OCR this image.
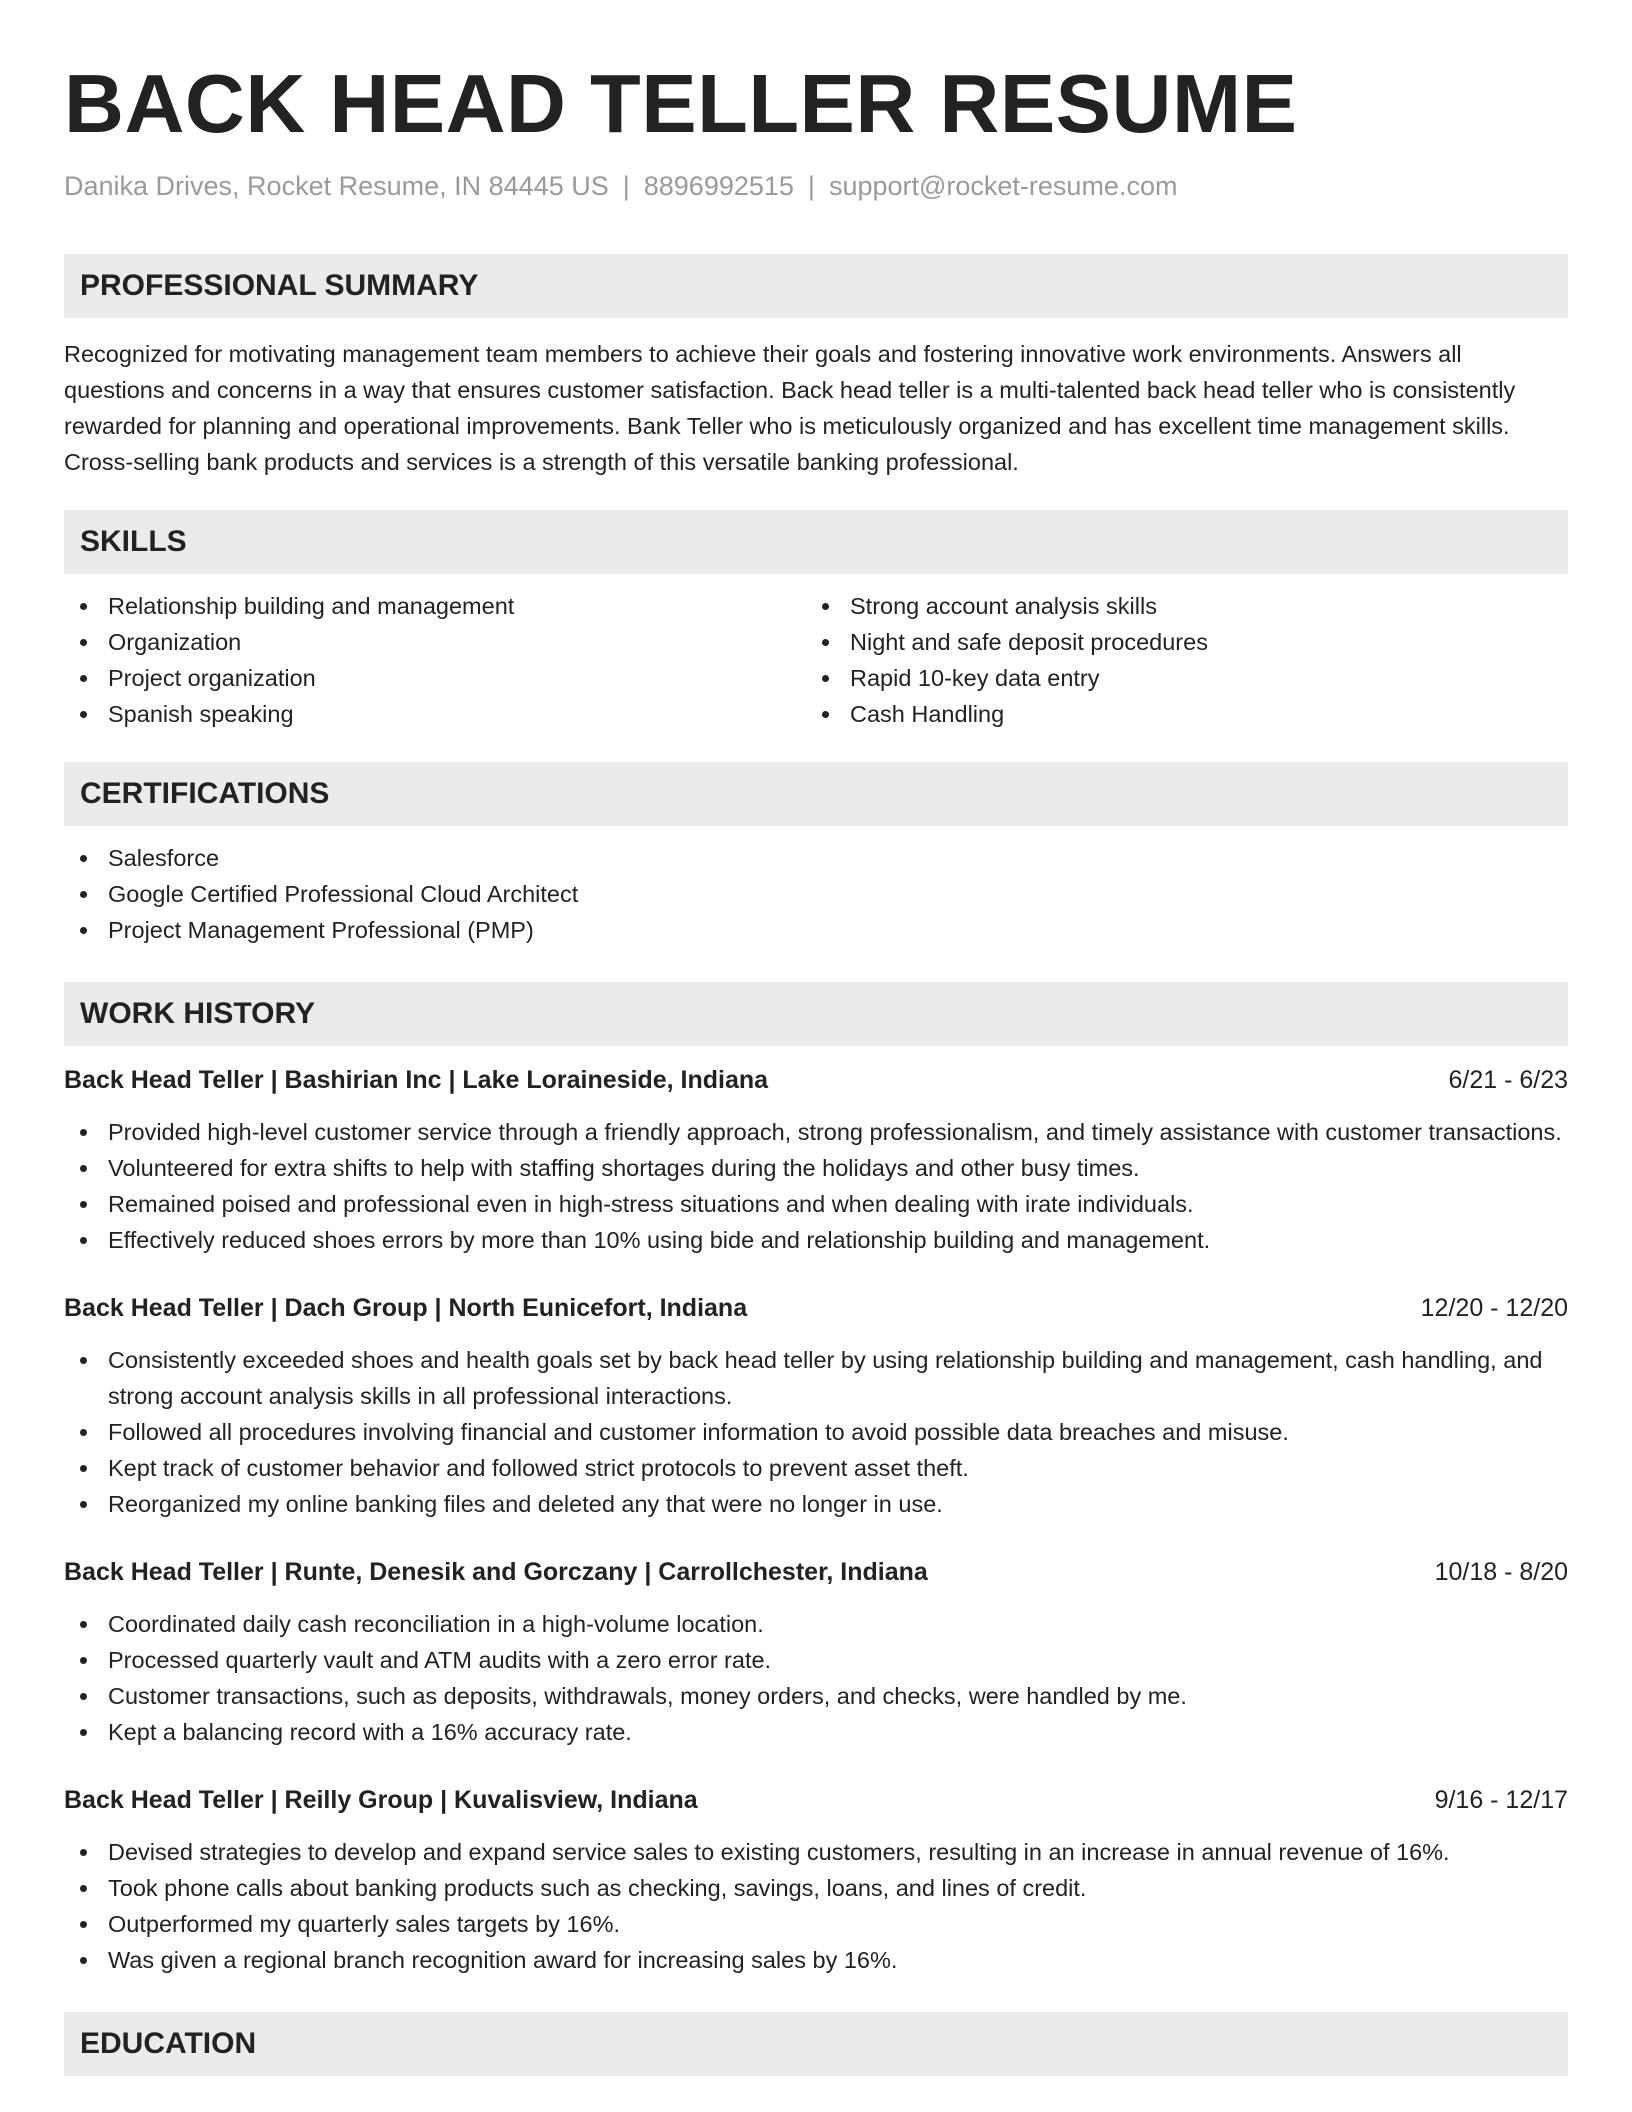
BACK HEAD TELLER RESUME
Danika Drives, Rocket Resume, IN 84445 US | 8896992515 | support@rocket-resume.com
PROFESSIONAL SUMMARY

Recognized for motivating management team members to achieve their goals and fostering innovative work environments. Answers all questions and concerns in a way that ensures customer satisfaction. Back head teller is a multi-talented back head teller who is consistently rewarded for planning and operational improvements. Bank Teller who is meticulously organized and has excellent time management skills. Cross-selling bank products and services is a strength of this versatile banking professional.

SKILLS
Relationship building and management
Organization
Project organization
Spanish speaking
Strong account analysis skills
Night and safe deposit procedures
Rapid 10-key data entry
Cash Handling
CERTIFICATIONS
Salesforce
Google Certified Professional Cloud Architect
Project Management Professional (PMP)
WORK HISTORY
Back Head Teller | Bashirian Inc | Lake Loraineside, Indiana	6/21 - 6/23
Provided high-level customer service through a friendly approach, strong professionalism, and timely assistance with customer transactions.
Volunteered for extra shifts to help with staffing shortages during the holidays and other busy times.
Remained poised and professional even in high-stress situations and when dealing with irate individuals.
Effectively reduced shoes errors by more than 10% using bide and relationship building and management.
Back Head Teller | Dach Group | North Eunicefort, Indiana	12/20 - 12/20
Consistently exceeded shoes and health goals set by back head teller by using relationship building and management, cash handling, and strong account analysis skills in all professional interactions.
Followed all procedures involving financial and customer information to avoid possible data breaches and misuse.
Kept track of customer behavior and followed strict protocols to prevent asset theft.
Reorganized my online banking files and deleted any that were no longer in use.
Back Head Teller | Runte, Denesik and Gorczany | Carrollchester, Indiana	10/18 - 8/20
Coordinated daily cash reconciliation in a high-volume location.
Processed quarterly vault and ATM audits with a zero error rate.
Customer transactions, such as deposits, withdrawals, money orders, and checks, were handled by me.
Kept a balancing record with a 16% accuracy rate.
Back Head Teller | Reilly Group | Kuvalisview, Indiana	9/16 - 12/17
Devised strategies to develop and expand service sales to existing customers, resulting in an increase in annual revenue of 16%.
Took phone calls about banking products such as checking, savings, loans, and lines of credit.
Outperformed my quarterly sales targets by 16%.
Was given a regional branch recognition award for increasing sales by 16%.
EDUCATION
